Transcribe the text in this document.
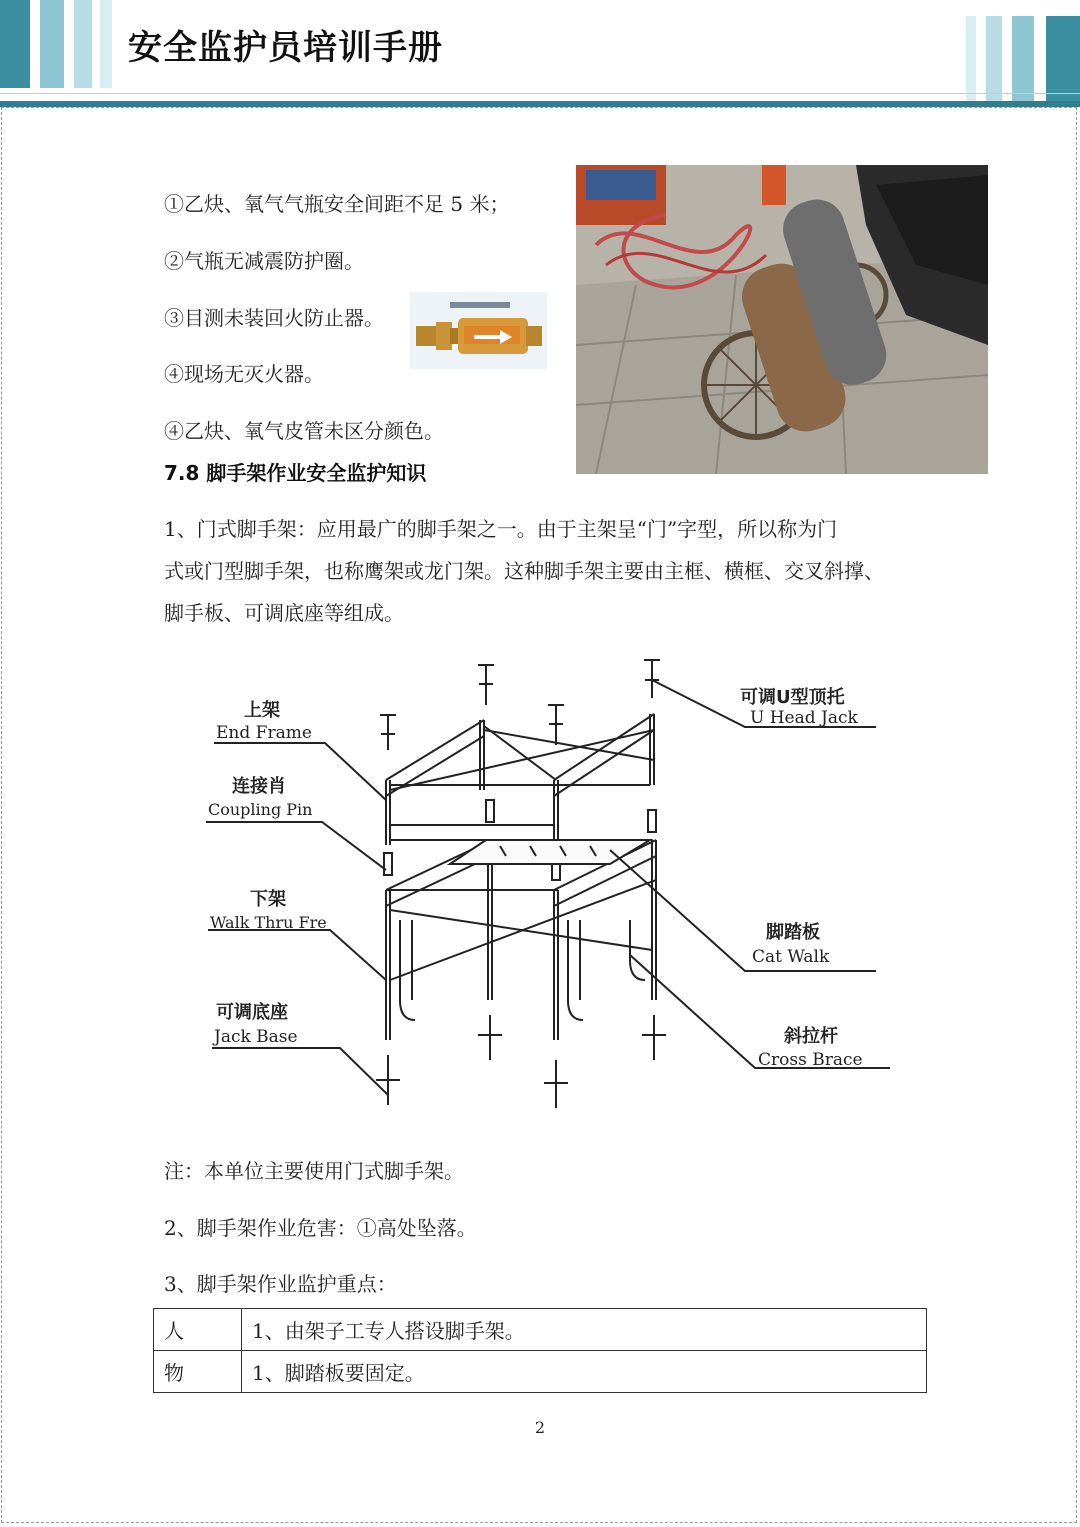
安全监护员培训手册
①乙炔、氧气气瓶安全间距不足 5 米；
②气瓶无减震防护圈。
③目测未装回火防止器。
④现场无灭火器。
④乙炔、氧气皮管未区分颜色。
7.8 脚手架作业安全监护知识
1、门式脚手架：应用最广的脚手架之一。由于主架呈“门”字型，所以称为门
式或门型脚手架，也称鹰架或龙门架。这种脚手架主要由主框、横框、交叉斜撑、
脚手板、可调底座等组成。
上架
End Frame
连接肖
Coupling Pin
下架
Walk Thru Fre
可调底座
Jack Base
可调U型顶托
U Head Jack
脚踏板
Cat Walk
斜拉杆
Cross Brace
注：本单位主要使用门式脚手架。
2、脚手架作业危害：①高处坠落。
3、脚手架作业监护重点：
人	1、由架子工专人搭设脚手架。
物	1、脚踏板要固定。
2
